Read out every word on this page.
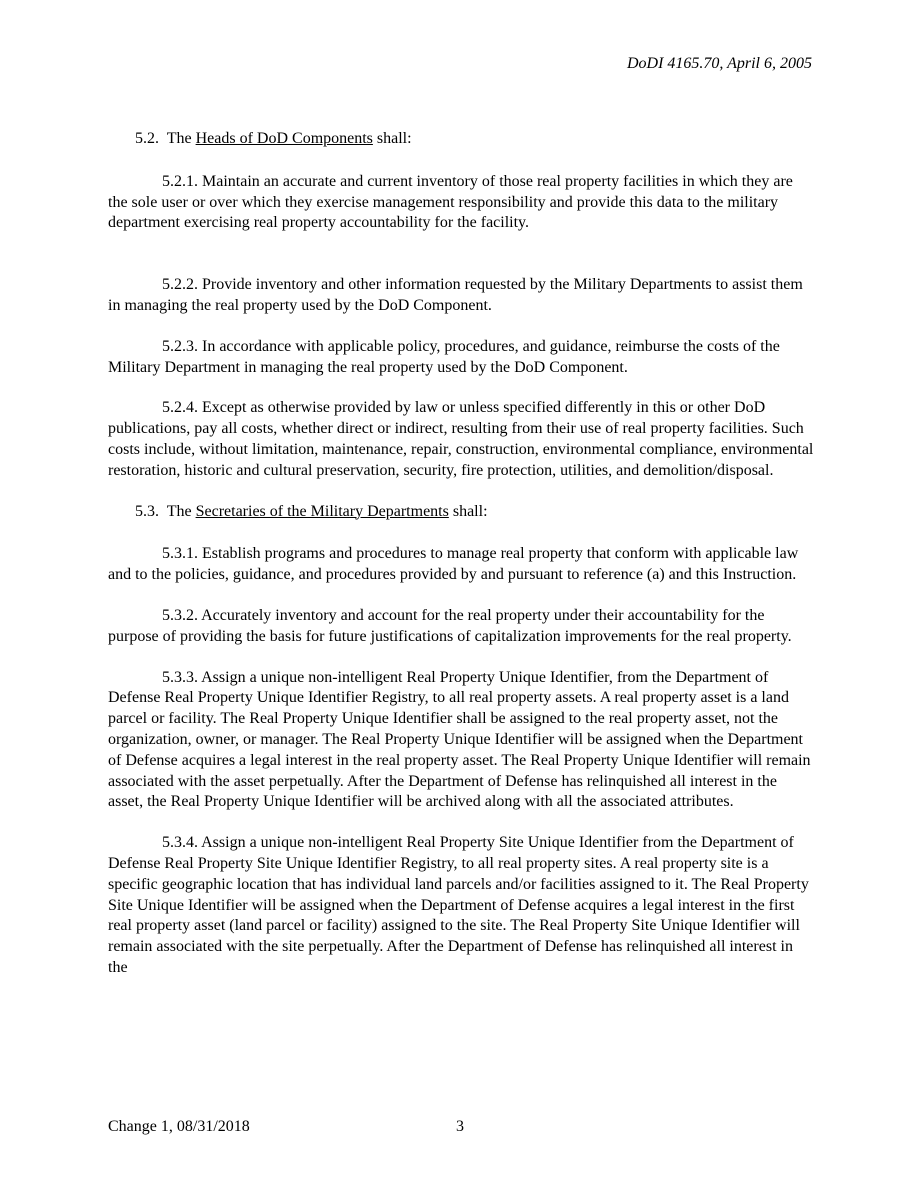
DoDI 4165.70, April 6, 2005

5.2. The Heads of DoD Components shall:

5.2.1. Maintain an accurate and current inventory of those real property facilities in which they are the sole user or over which they exercise management responsibility and provide this data to the military department exercising real property accountability for the facility.

5.2.2. Provide inventory and other information requested by the Military Departments to assist them in managing the real property used by the DoD Component.

5.2.3. In accordance with applicable policy, procedures, and guidance, reimburse the costs of the Military Department in managing the real property used by the DoD Component.

5.2.4. Except as otherwise provided by law or unless specified differently in this or other DoD publications, pay all costs, whether direct or indirect, resulting from their use of real property facilities. Such costs include, without limitation, maintenance, repair, construction, environmental compliance, environmental restoration, historic and cultural preservation, security, fire protection, utilities, and demolition/disposal.

5.3. The Secretaries of the Military Departments shall:

5.3.1. Establish programs and procedures to manage real property that conform with applicable law and to the policies, guidance, and procedures provided by and pursuant to reference (a) and this Instruction.

5.3.2. Accurately inventory and account for the real property under their accountability for the purpose of providing the basis for future justifications of capitalization improvements for the real property.

5.3.3. Assign a unique non-intelligent Real Property Unique Identifier, from the Department of Defense Real Property Unique Identifier Registry, to all real property assets. A real property asset is a land parcel or facility. The Real Property Unique Identifier shall be assigned to the real property asset, not the organization, owner, or manager. The Real Property Unique Identifier will be assigned when the Department of Defense acquires a legal interest in the real property asset. The Real Property Unique Identifier will remain associated with the asset perpetually. After the Department of Defense has relinquished all interest in the asset, the Real Property Unique Identifier will be archived along with all the associated attributes.

5.3.4. Assign a unique non-intelligent Real Property Site Unique Identifier from the Department of Defense Real Property Site Unique Identifier Registry, to all real property sites. A real property site is a specific geographic location that has individual land parcels and/or facilities assigned to it. The Real Property Site Unique Identifier will be assigned when the Department of Defense acquires a legal interest in the first real property asset (land parcel or facility) assigned to the site. The Real Property Site Unique Identifier will remain associated with the site perpetually. After the Department of Defense has relinquished all interest in the

Change 1, 08/31/2018	3
